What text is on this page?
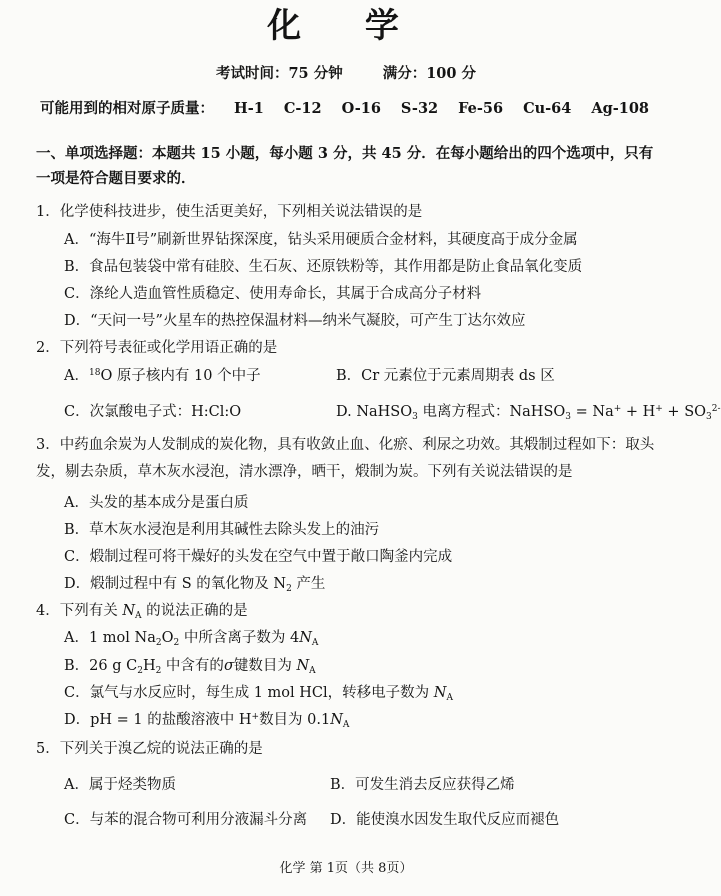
化 学
考试时间：75 分钟	满分：100 分
可能用到的相对原子质量： H-1 C-12 O-16 S-32 Fe-56 Cu-64 Ag-108
一、单项选择题：本题共 15 小题，每小题 3 分，共 45 分．在每小题给出的四个选项中，只有一项是符合题目要求的．
1．化学使科技进步，使生活更美好，下列相关说法错误的是
A．“海牛Ⅱ号”刷新世界钻探深度，钻头采用硬质合金材料，其硬度高于成分金属
B．食品包装袋中常有硅胶、生石灰、还原铁粉等，其作用都是防止食品氧化变质
C．涤纶人造血管性质稳定、使用寿命长，其属于合成高分子材料
D．“天问一号”火星车的热控保温材料—纳米气凝胶，可产生丁达尔效应
2．下列符号表征或化学用语正确的是
A．$^{18}$O 原子核内有 10 个中子	B．Cr 元素位于元素周期表 ds 区
C．次氯酸电子式：H:Cl:O	D. NaHSO$_3$ 电离方程式：NaHSO$_3$ = $Na^+ + H^+ + SO_3^{2-}$
3．中药血余炭为人发制成的炭化物，具有收敛止血、化瘀、利尿之功效。其煅制过程如下：取头发，剔去杂质，草木灰水浸泡，清水漂净，晒干，煅制为炭。下列有关说法错误的是
A．头发的基本成分是蛋白质
B．草木灰水浸泡是利用其碱性去除头发上的油污
C．煅制过程可将干燥好的头发在空气中置于敞口陶釜内完成
D．煅制过程中有 S 的氧化物及 $N_2$ 产生
4．下列有关 $N_A$ 的说法正确的是
A．1 mol $Na_2O_2$ 中所含离子数为 $4N_A$
B．26 g $C_2H_2$ 中含有的σ键数目为 $N_A$
C．氯气与水反应时，每生成 1 mol HCl，转移电子数为 $N_A$
D．pH = 1 的盐酸溶液中 H+数目为 $0.1N_A$
5．下列关于溴乙烷的说法正确的是
A．属于烃类物质	B．可发生消去反应获得乙烯
C．与苯的混合物可利用分液漏斗分离 D．能使溴水因发生取代反应而褪色
化学 第 1页（共 8页）
